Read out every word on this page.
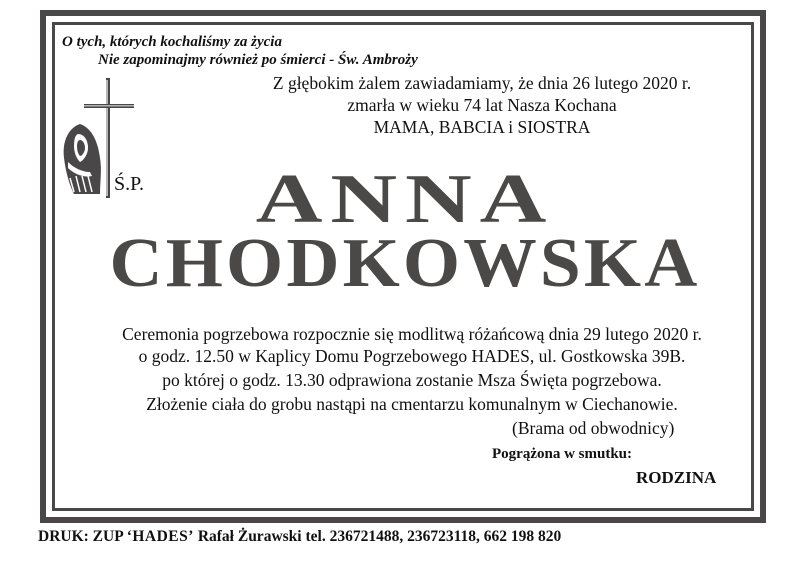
O tych, których kochaliśmy za życia
Nie zapominajmy również po śmierci - Św. Ambroży
Z głębokim żalem zawiadamiamy, że dnia 26 lutego 2020 r.
zmarła w wieku 74 lat Nasza Kochana
MAMA, BABCIA i SIOSTRA
Ś.P.	ANNA
CHODKOWSKA
Ceremonia pogrzebowa rozpocznie się modlitwą różańcową dnia 29 lutego 2020 r.
o godz. 12.50 w Kaplicy Domu Pogrzebowego HADES, ul. Gostkowska 39B.
po której o godz. 13.30 odprawiona zostanie Msza Święta pogrzebowa.
Złożenie ciała do grobu nastąpi na cmentarzu komunalnym w Ciechanowie.
(Brama od obwodnicy)
Pogrążona w smutku:
RODZINA
DRUK: ZUP ‘HADES’ Rafał Żurawski tel. 236721488, 236723118, 662 198 820
